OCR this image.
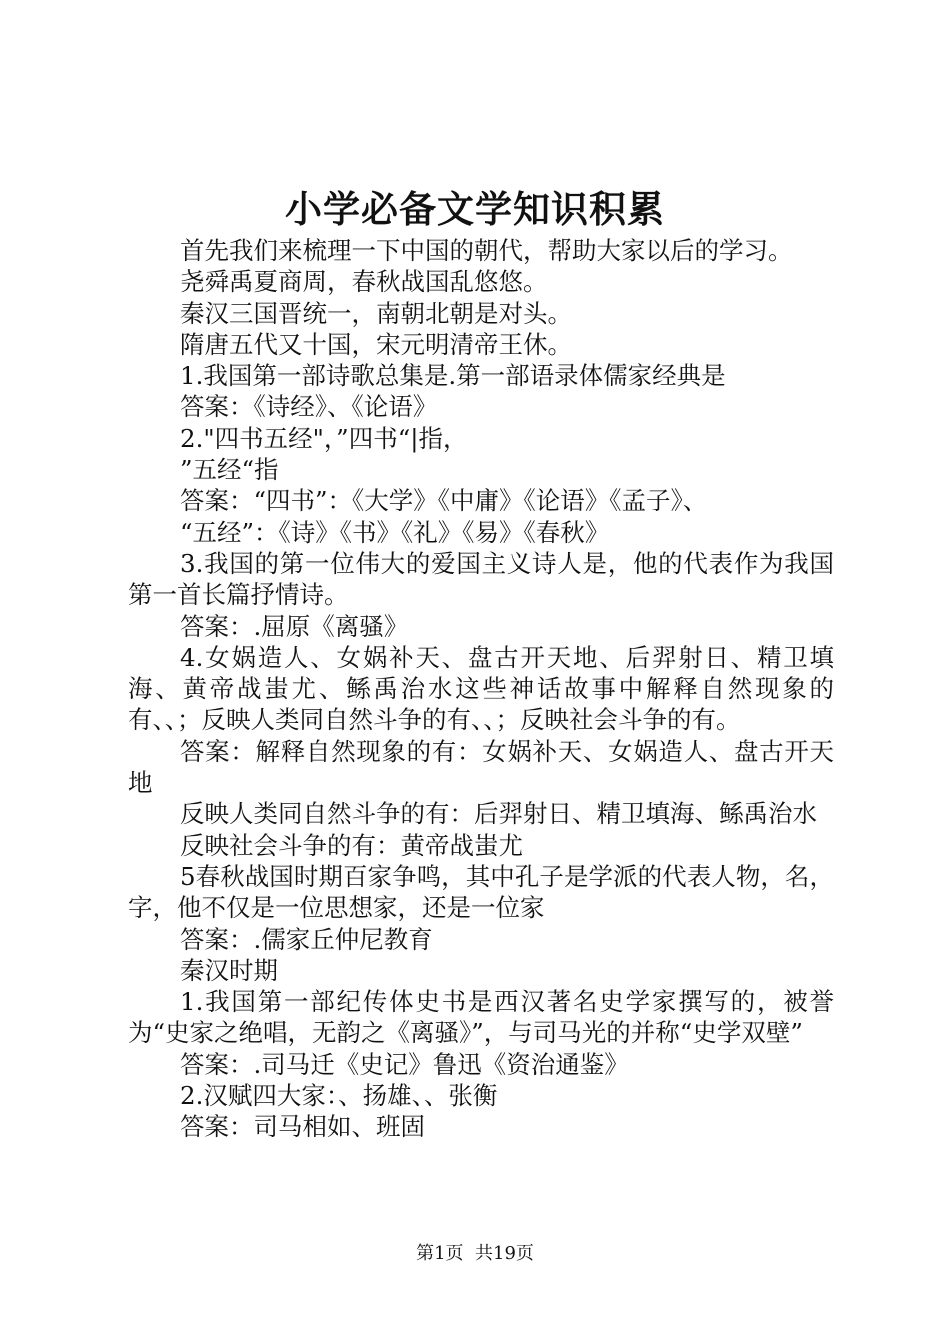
小学必备文学知识积累

首先我们来梳理一下中国的朝代，帮助大家以后的学习。

尧舜禹夏商周，春秋战国乱悠悠。

秦汉三国晋统一，南朝北朝是对头。

隋唐五代又十国，宋元明清帝王休。

1.我国第一部诗歌总集是.第一部语录体儒家经典是

答案：《诗经》、《论语》

2."四书五经"，”四书“|指，

”五经“指

答案：“四书”：《大学》《中庸》《论语》《孟子》、

“五经”：《诗》《书》《礼》《易》《春秋》

3.我国的第一位伟大的爱国主义诗人是，他的代表作为我国第一首长篇抒情诗。

答案：.屈原《离骚》

4.女娲造人、女娲补天、盘古开天地、后羿射日、精卫填海、黄帝战蚩尤、鲧禹治水这些神话故事中解释自然现象的有、、；反映人类同自然斗争的有、、；反映社会斗争的有。

答案：解释自然现象的有：女娲补天、女娲造人、盘古开天地

反映人类同自然斗争的有：后羿射日、精卫填海、鲧禹治水

反映社会斗争的有：黄帝战蚩尤

5春秋战国时期百家争鸣，其中孔子是学派的代表人物，名，字，他不仅是一位思想家，还是一位家

答案：.儒家丘仲尼教育

秦汉时期

1.我国第一部纪传体史书是西汉著名史学家撰写的，被誉为“史家之绝唱，无韵之《离骚》”，与司马光的并称“史学双壁”

答案：.司马迁《史记》鲁迅《资治通鉴》

2.汉赋四大家：、扬雄、、张衡

答案：司马相如、班固

第1页 共19页
